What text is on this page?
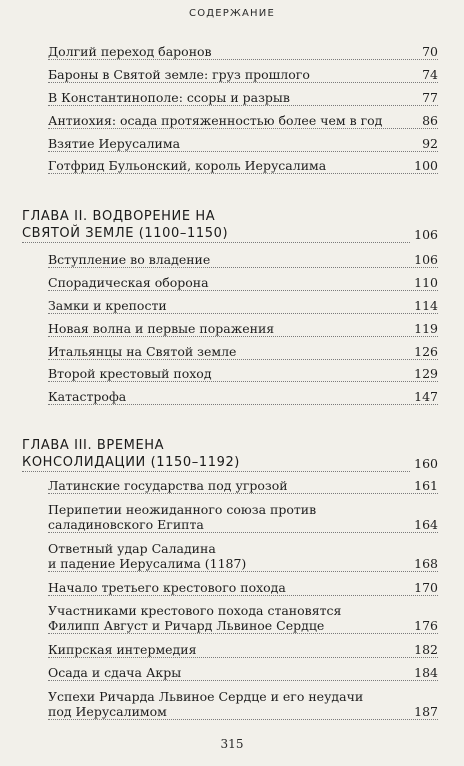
СОДЕРЖАНИЕ
Долгий переход баронов	70
Бароны в Святой земле: груз прошлого	74
В Константинополе: ссоры и разрыв	77
Антиохия: осада протяженностью более чем в год	86
Взятие Иерусалима	92
Готфрид Бульонский, король Иерусалима	100
ГЛАВА II. ВОДВОРЕНИЕ НА
СВЯТОЙ ЗЕМЛЕ (1100–1150)	106
Вступление во владение	106
Спорадическая оборона	110
Замки и крепости	114
Новая волна и первые поражения	119
Итальянцы на Святой земле	126
Второй крестовый поход	129
Катастрофа	147
ГЛАВА III. ВРЕМЕНА
КОНСОЛИДАЦИИ (1150–1192)	160
Латинские государства под угрозой	161
Перипетии неожиданного союза против
саладиновского Египта	164
Ответный удар Саладина
и падение Иерусалима (1187)	168
Начало третьего крестового похода	170
Участниками крестового похода становятся
Филипп Август и Ричард Львиное Сердце	176
Кипрская интермедия	182
Осада и сдача Акры	184
Успехи Ричарда Львиное Сердце и его неудачи
под Иерусалимом	187
315
